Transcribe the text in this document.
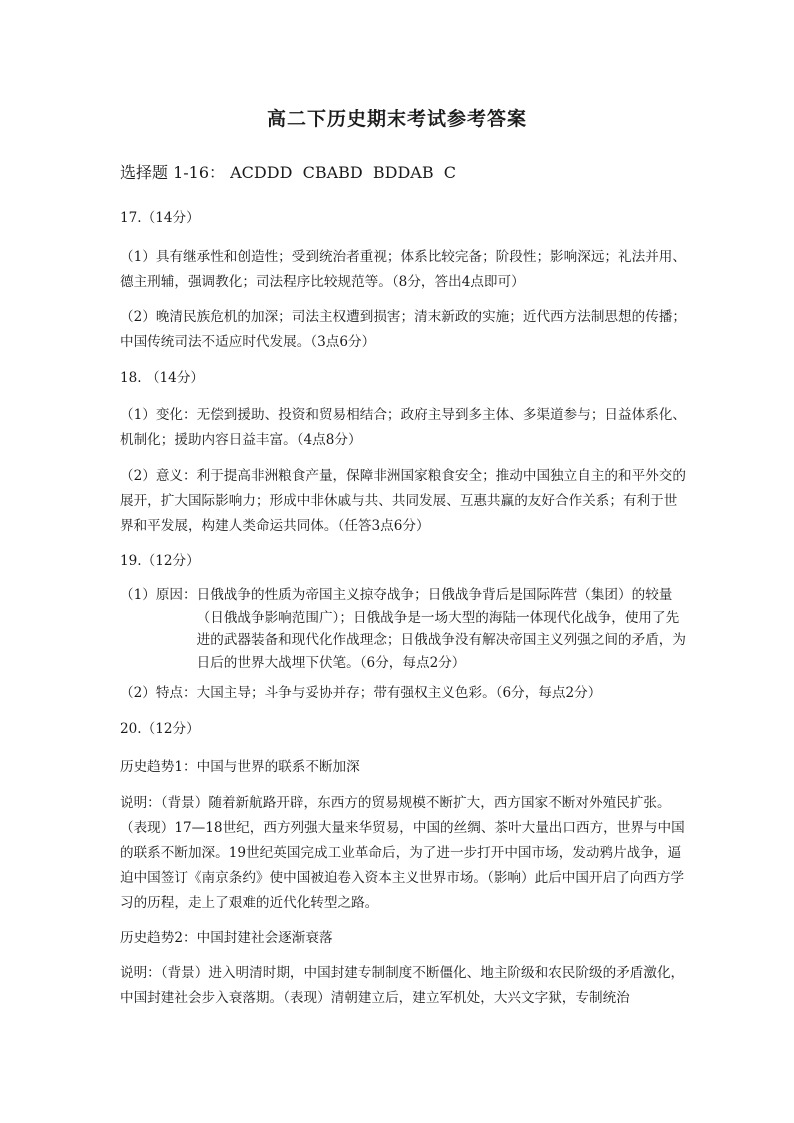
高二下历史期末考试参考答案

选择题 1-16： ACDDD  CBABD  BDDAB  C

17.（14分）

（1）具有继承性和创造性；受到统治者重视；体系比较完备；阶段性；影响深远；礼法并用、德主刑辅，强调教化；司法程序比较规范等。（8分，答出4点即可）

（2）晚清民族危机的加深；司法主权遭到损害；清末新政的实施；近代西方法制思想的传播；中国传统司法不适应时代发展。（3点6分）

18. （14分）

（1）变化：无偿到援助、投资和贸易相结合；政府主导到多主体、多渠道参与；日益体系化、机制化；援助内容日益丰富。（4点8分）

（2）意义：利于提高非洲粮食产量，保障非洲国家粮食安全；推动中国独立自主的和平外交的展开，扩大国际影响力；形成中非休戚与共、共同发展、互惠共赢的友好合作关系；有利于世界和平发展，构建人类命运共同体。（任答3点6分）

19.（12分）

（1）原因： 日俄战争的性质为帝国主义掠夺战争；日俄战争背后是国际阵营（集团）的较量（日俄战争影响范围广）；日俄战争是一场大型的海陆一体现代化战争，使用了先进的武器装备和现代化作战理念；日俄战争没有解决帝国主义列强之间的矛盾，为日后的世界大战埋下伏笔。（6分，每点2分）

（2）特点：大国主导；斗争与妥协并存；带有强权主义色彩。（6分，每点2分）

20.（12分）

历史趋势1：中国与世界的联系不断加深

说明：（背景）随着新航路开辟，东西方的贸易规模不断扩大，西方国家不断对外殖民扩张。（表现）17—18世纪，西方列强大量来华贸易，中国的丝绸、茶叶大量出口西方，世界与中国的联系不断加深。19世纪英国完成工业革命后，为了进一步打开中国市场，发动鸦片战争，逼迫中国签订《南京条约》使中国被迫卷入资本主义世界市场。（影响）此后中国开启了向西方学习的历程，走上了艰难的近代化转型之路。

历史趋势2：中国封建社会逐渐衰落

说明：（背景）进入明清时期，中国封建专制制度不断僵化、地主阶级和农民阶级的矛盾激化，中国封建社会步入衰落期。（表现）清朝建立后，建立军机处，大兴文字狱，专制统治
